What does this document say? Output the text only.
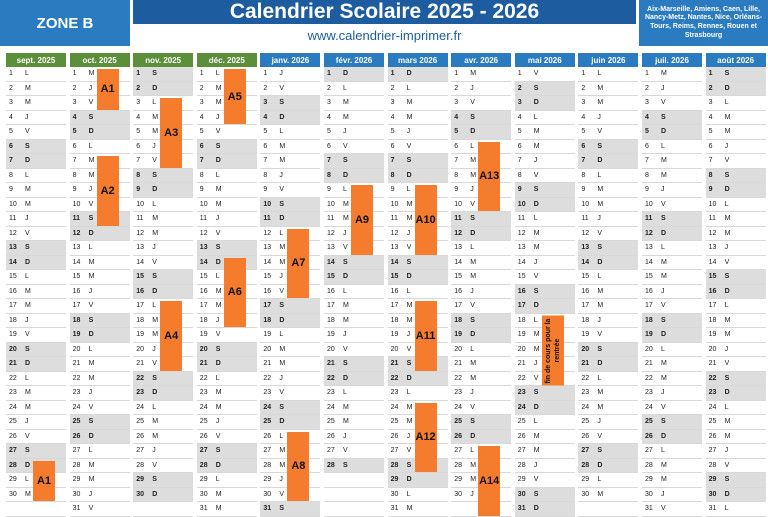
ZONE B	Calendrier Scolaire 2025 - 2026
www.calendrier-imprimer.fr
Aix-Marseille, Amiens, Caen, Lille, Nancy-Metz, Nantes, Nice, Orléans-Tours, Reims, Rennes, Rouen et Strasbourg
sept. 2025
1	L
2	M
3	M
4	J
5	V
6	S
7	D
8	L
9	M
10	M
11	J
12	V
13	S
14	D
15	L
16	M
17	M
18	J
19	V
20	S
21	D
22	L
23	M
24	M
25	J
26	V
27	S
28	D
29	L
30	M
oct. 2025
1	M
2	J
3	V
4	S
5	D
6	L
7	M
8	M
9	J
10	V
11	S
12	D
13	L
14	M
15	M
16	J
17	V
18	S
19	D
20	L
21	M
22	M
23	J
24	V
25	S
26	D
27	L
28	M
29	M
30	J
31	V
nov. 2025
1	S
2	D
3	L
4	M
5	M
6	J
7	V
8	S
9	D
10	L
11	M
12	M
13	J
14	V
15	S
16	D
17	L
18	M
19	M
20	J
21	V
22	S
23	D
24	L
25	M
26	M
27	J
28	V
29	S
30	D
déc. 2025
1	L
2	M
3	M
4	J
5	V
6	S
7	D
8	L
9	M
10	M
11	J
12	V
13	S
14	D
15	L
16	M
17	M
18	J
19	V
20	S
21	D
22	L
23	M
24	M
25	J
26	V
27	S
28	D
29	L
30	M
31	M
janv. 2026
1	J
2	V
3	S
4	D
5	L
6	M
7	M
8	J
9	V
10	S
11	D
12	L
13	M
14	M
15	J
16	V
17	S
18	D
19	L
20	M
21	M
22	J
23	V
24	S
25	D
26	L
27	M
28	M
29	J
30	V
31	S
févr. 2026
1	D
2	L
3	M
4	M
5	J
6	V
7	S
8	D
9	L
10	M
11	M
12	J
13	V
14	S
15	D
16	L
17	M
18	M
19	J
20	V
21	S
22	D
23	L
24	M
25	M
26	J
27	V
28	S
mars 2026
1	D
2	L
3	M
4	M
5	J
6	V
7	S
8	D
9	L
10	M
11	M
12	J
13	V
14	S
15	D
16	L
17	M
18	M
19	J
20	V
21	S
22	D
23	L
24	M
25	M
26	J
27	V
28	S
29	D
30	L
31	M
avr. 2026
1	M
2	J
3	V
4	S
5	D
6	L
7	M
8	M
9	J
10	V
11	S
12	D
13	L
14	M
15	M
16	J
17	V
18	S
19	D
20	L
21	M
22	M
23	J
24	V
25	S
26	D
27	L
28	M
29	M
30	J
mai 2026
1	V
2	S
3	D
4	L
5	M
6	M
7	J
8	V
9	S
10	D
11	L
12	M
13	M
14	J
15	V
16	S
17	D
18	L
19	M
20	M
21	J
22	V
23	S
24	D
25	L
26	M
27	M
28	J
29	V
30	S
31	D
juin 2026
1	L
2	M
3	M
4	J
5	V
6	S
7	D
8	L
9	M
10	M
11	J
12	V
13	S
14	D
15	L
16	M
17	M
18	J
19	V
20	S
21	D
22	L
23	M
24	M
25	J
26	V
27	S
28	D
29	L
30	M
juil. 2026
1	M
2	J
3	V
4	S
5	D
6	L
7	M
8	M
9	J
10	V
11	S
12	D
13	L
14	M
15	M
16	J
17	V
18	S
19	D
20	L
21	M
22	M
23	J
24	V
25	S
26	D
27	L
28	M
29	M
30	J
31	V
août 2026
1	S
2	D
3	L
4	M
5	M
6	J
7	V
8	S
9	D
10	L
11	M
12	M
13	J
14	V
15	S
16	D
17	L
18	M
19	M
20	J
21	V
22	S
23	D
24	L
25	M
26	M
27	J
28	V
29	S
30	D
31	L
A1
A2
A3
A4
A5
A6
A7
A8
A9	A10
A11
A12
A13
A14
A1
fin de cours pour la rentrée
